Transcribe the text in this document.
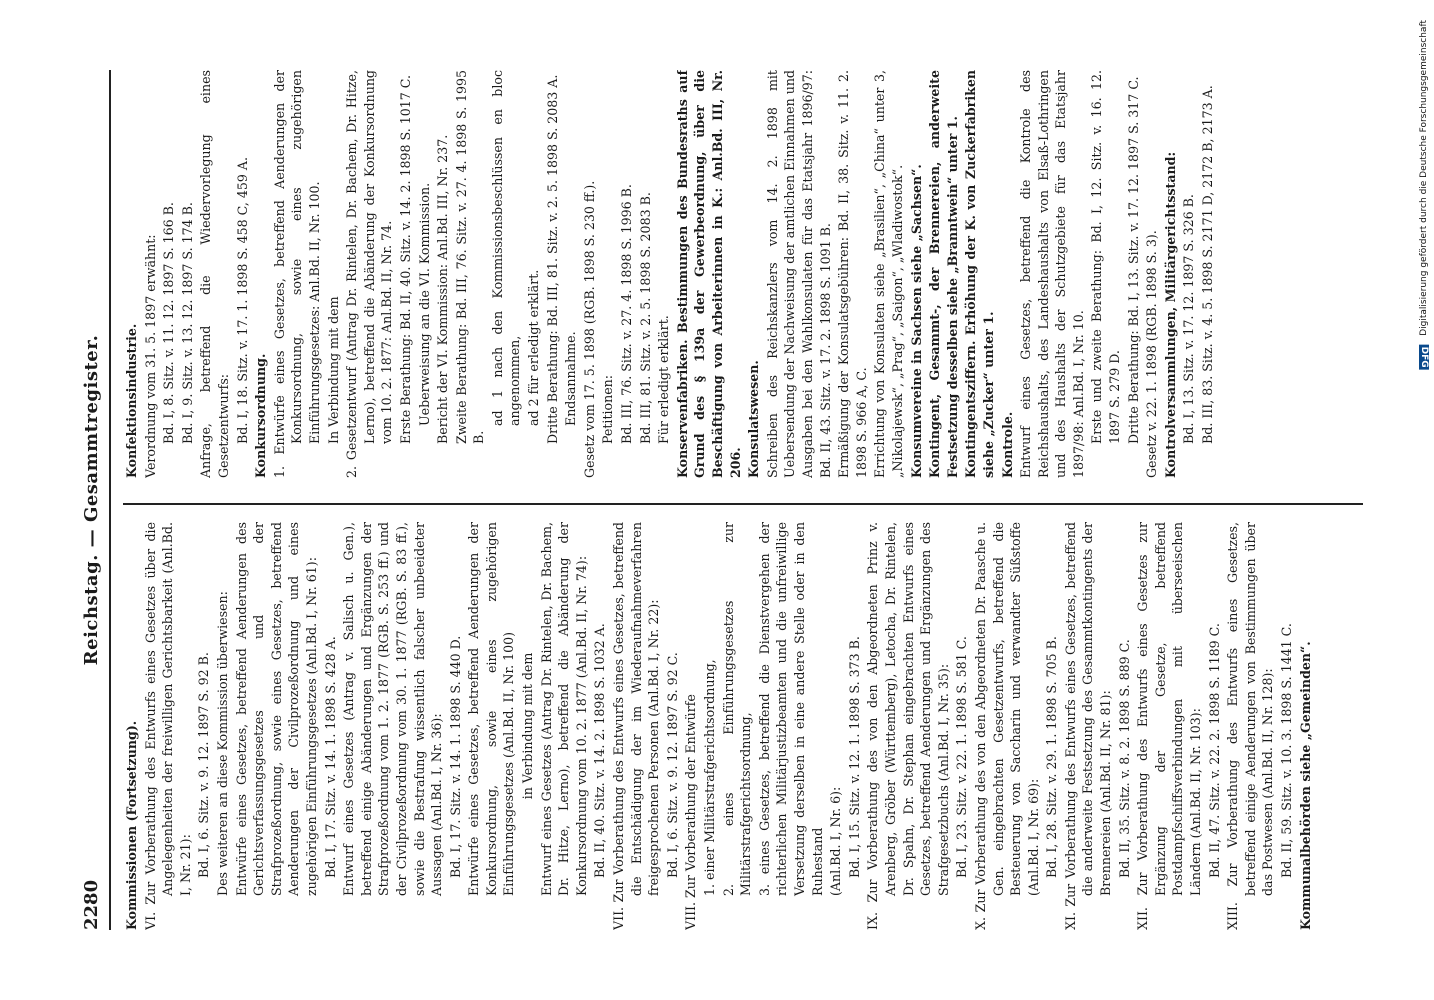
2280
Reichstag. — Gesammtregister.

Kommissionen (Fortsetzung). VI. Zur Vorberathung des Entwurfs eines Gesetzes über die Angelegenheiten der freiwilligen Gerichtsbarkeit (Anl.Bd. I, Nr. 21): Bd. I, 6. Sitz. v. 9. 12. 1897 S. 92 B. Des weiteren an diese Kommission überwiesen: Entwürfe eines Gesetzes, betreffend Aenderungen des Gerichtsverfassungsgesetzes und der Strafprozeßordnung, sowie eines Gesetzes, betreffend Aenderungen der Civilprozeßordnung und eines zugehörigen Einführungsgesetzes (Anl.Bd. I, Nr. 61): Bd. I, 17. Sitz. v. 14. 1. 1898 S. 428 A. Entwurf eines Gesetzes (Antrag v. Salisch u. Gen.), betreffend einige Abänderungen und Ergänzungen der Strafprozeßordnung vom 1. 2. 1877 (RGB. S. 253 ff.) und der Civilprozeßordnung vom 30. 1. 1877 (RGB. S. 83 ff.), sowie die Bestrafung wissentlich falscher unbeeideter Aussagen (Anl.Bd. I, Nr. 36): Bd. I, 17. Sitz. v. 14. 1. 1898 S. 440 D. Entwürfe eines Gesetzes, betreffend Aenderungen der Konkursordnung, sowie eines zugehörigen Einführungsgesetzes (Anl.Bd. II, Nr. 100) in Verbindung mit dem Entwurf eines Gesetzes (Antrag Dr. Rintelen, Dr. Bachem, Dr. Hitze, Lerno), betreffend die Abänderung der Konkursordnung vom 10. 2. 1877 (Anl.Bd. II, Nr. 74): Bd. II, 40. Sitz. v. 14. 2. 1898 S. 1032 A. VII. Zur Vorberathung des Entwurfs eines Gesetzes, betreffend die Entschädigung der im Wiederaufnahmeverfahren freigesprochenen Personen (Anl.Bd. I, Nr. 22): Bd. I, 6. Sitz. v. 9. 12. 1897 S. 92 C. VIII. Zur Vorberathung der Entwürfe 1. einer Militärstrafgerichtsordnung, 2. eines Einführungsgesetzes zur Militärstrafgerichtsordnung, 3. eines Gesetzes, betreffend die Dienstvergehen der richterlichen Militärjustizbeamten und die unfreiwillige Versetzung derselben in eine andere Stelle oder in den Ruhestand (Anl.Bd. I, Nr. 6): Bd. I, 15. Sitz. v. 12. 1. 1898 S. 373 B. IX. Zur Vorberathung des von den Abgeordneten Prinz v. Arenberg, Gröber (Württemberg), Letocha, Dr. Rintelen, Dr. Spahn, Dr. Stephan eingebrachten Entwurfs eines Gesetzes, betreffend Aenderungen und Ergänzungen des Strafgesetzbuchs (Anl.Bd. I, Nr. 35): Bd. I, 23. Sitz. v. 22. 1. 1898 S. 581 C. X. Zur Vorberathung des von den Abgeordneten Dr. Paasche u. Gen. eingebrachten Gesetzentwurfs, betreffend die Besteuerung von Saccharin und verwandter Süßstoffe (Anl.Bd. I, Nr. 69): Bd. I, 28. Sitz. v. 29. 1. 1898 S. 705 B. XI. Zur Vorberathung des Entwurfs eines Gesetzes, betreffend die anderweite Festsetzung des Gesammtkontingents der Brennereien (Anl.Bd. II, Nr. 81): Bd. II, 35. Sitz. v. 8. 2. 1898 S. 889 C. XII. Zur Vorberathung des Entwurfs eines Gesetzes zur Ergänzung der Gesetze, betreffend Postdampfschiffsverbindungen mit überseeischen Ländern (Anl.Bd. II, Nr. 103): Bd. II, 47. Sitz. v. 22. 2. 1898 S. 1189 C. XIII. Zur Vorberathung des Entwurfs eines Gesetzes, betreffend einige Aenderungen von Bestimmungen über das Postwesen (Anl.Bd. II, Nr. 128): Bd. II, 59. Sitz. v. 10. 3. 1898 S. 1441 C. Kommunalbehörden siehe „Gemeinden“.

Konfektionsindustrie. Verordnung vom 31. 5. 1897 erwähnt: Bd. I, 8. Sitz. v. 11. 12. 1897 S. 166 B. Bd. I, 9. Sitz. v. 13. 12. 1897 S. 174 B. Anfrage, betreffend die Wiedervorlegung eines Gesetzentwurfs: Bd. I, 18. Sitz. v. 17. 1. 1898 S. 458 C, 459 A. Konkursordnung. 1. Entwürfe eines Gesetzes, betreffend Aenderungen der Konkursordnung, sowie eines zugehörigen Einführungsgesetzes: Anl.Bd. II, Nr. 100. In Verbindung mit dem 2. Gesetzentwurf (Antrag Dr. Rintelen, Dr. Bachem, Dr. Hitze, Lerno), betreffend die Abänderung der Konkursordnung vom 10. 2. 1877: Anl.Bd. II, Nr. 74. Erste Berathung: Bd. II, 40. Sitz. v. 14. 2. 1898 S. 1017 C. Ueberweisung an die VI. Kommission. Bericht der VI. Kommission: Anl.Bd. III, Nr. 237. Zweite Berathung: Bd. III, 76. Sitz. v. 27. 4. 1898 S. 1995 B.

ad 1 nach den Kommissionsbeschlüssen en bloc angenommen, ad 2 für erledigt erklärt. Dritte Berathung: Bd. III, 81. Sitz. v. 2. 5. 1898 S. 2083 A. Endsannahme. Gesetz vom 17. 5. 1898 (RGB. 1898 S. 230 ff.). Petitionen: Bd. III, 76. Sitz. v. 27. 4. 1898 S. 1996 B. Bd. III, 81. Sitz. v. 2. 5. 1898 S. 2083 B. Für erledigt erklärt. Konservenfabriken. Bestimmungen des Bundesraths auf Grund des § 139a der Gewerbeordnung, über die Beschäftigung von Arbeiterinnen in K.: Anl.Bd. III, Nr. 206. Konsulatswesen. Schreiben des Reichskanzlers vom 14. 2. 1898 mit Uebersendung der Nachweisung der amtlichen Einnahmen und Ausgaben bei den Wahlkonsulaten für das Etatsjahr 1896/97: Bd. II, 43. Sitz. v. 17. 2. 1898 S. 1091 B. Ermäßigung der Konsulatsgebühren: Bd. II, 38. Sitz. v. 11. 2. 1898 S. 966 A, C. Errichtung von Konsulaten siehe „Brasilien“, „China“ unter 3, „Nikolajewsk“, „Prag“, „Saigon“, „Wladiwostok“. Konsumvereine in Sachsen siehe „Sachsen“. Kontingent, Gesammt-, der Brennereien, anderweite Festsetzung desselben siehe „Branntwein“ unter 1. Kontingentsziffern. Erhöhung der K. von Zuckerfabriken siehe „Zucker“ unter 1. Kontrole. Entwurf eines Gesetzes, betreffend die Kontrole des Reichshaushalts, des Landeshaushalts von Elsaß-Lothringen und des Haushalts der Schutzgebiete für das Etatsjahr 1897/98: Anl.Bd. I, Nr. 10. Erste und zweite Berathung: Bd. I, 12. Sitz. v. 16. 12. 1897 S. 279 D. Dritte Berathung: Bd. I, 13. Sitz. v. 17. 12. 1897 S. 317 C. Gesetz v. 22. 1. 1898 (RGB. 1898 S. 3). Kontrolversammlungen, Militärgerichtsstand: Bd. I, 13. Sitz. v. 17. 12. 1897 S. 326 B. Bd. III, 83. Sitz. v. 4. 5. 1898 S. 2171 D, 2172 B, 2173 A.	DFG Digitalisierung gefördert durch die Deutsche Forschungsgemeinschaft
